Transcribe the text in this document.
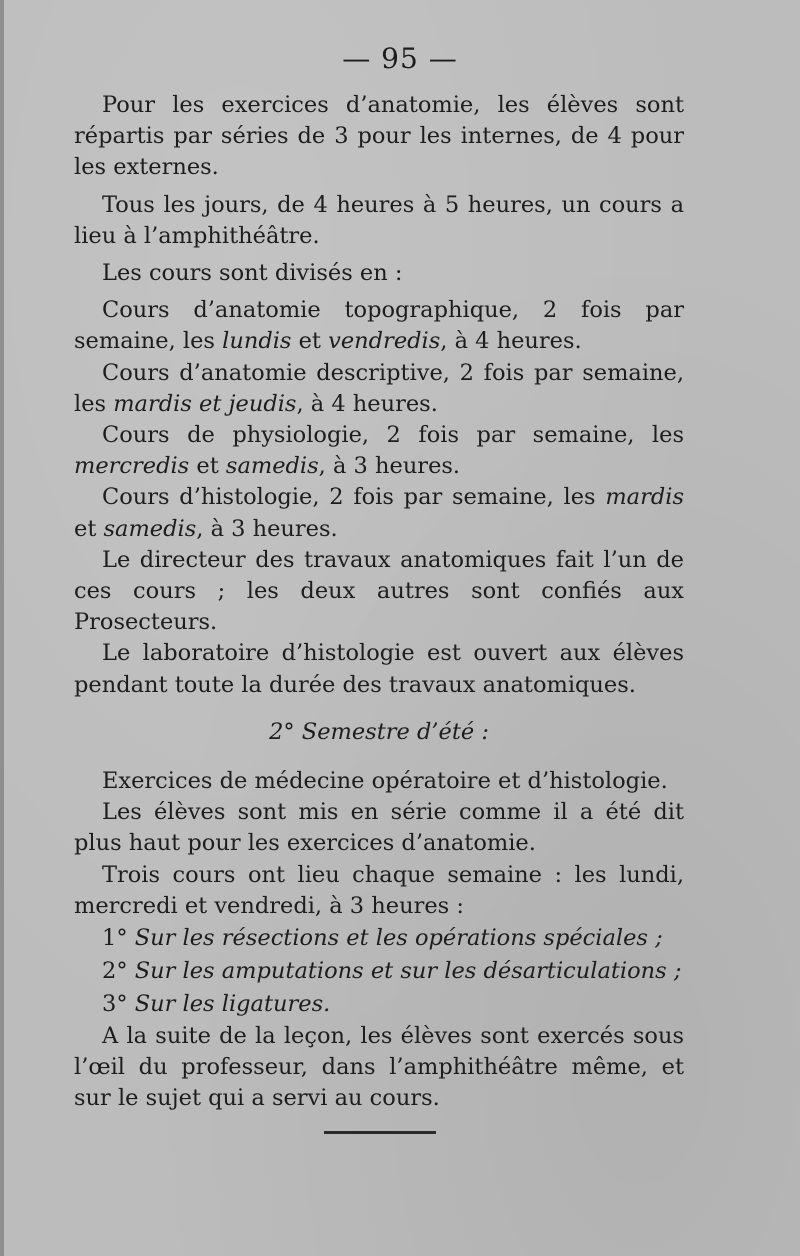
— 95 —

Pour les exercices d’anatomie, les élèves sont répartis par séries de 3 pour les internes, de 4 pour les externes.

Tous les jours, de 4 heures à 5 heures, un cours a lieu à l’amphithéâtre.

Les cours sont divisés en :

Cours d’anatomie topographique, 2 fois par semaine, les lundis et vendredis, à 4 heures.

Cours d’anatomie descriptive, 2 fois par semaine, les mardis et jeudis, à 4 heures.

Cours de physiologie, 2 fois par semaine, les mercredis et samedis, à 3 heures.

Cours d’histologie, 2 fois par semaine, les mardis et samedis, à 3 heures.

Le directeur des travaux anatomiques fait l’un de ces cours ; les deux autres sont confiés aux Prosecteurs.

Le laboratoire d’histologie est ouvert aux élèves pendant toute la durée des travaux anatomiques.

2° Semestre d’été :

Exercices de médecine opératoire et d’histologie.

Les élèves sont mis en série comme il a été dit plus haut pour les exercices d’anatomie.

Trois cours ont lieu chaque semaine : les lundi, mercredi et vendredi, à 3 heures :

1° Sur les résections et les opérations spéciales ;

2° Sur les amputations et sur les désarticulations ;

3° Sur les ligatures.

A la suite de la leçon, les élèves sont exercés sous l’œil du professeur, dans l’amphithéâtre même, et sur le sujet qui a servi au cours.
